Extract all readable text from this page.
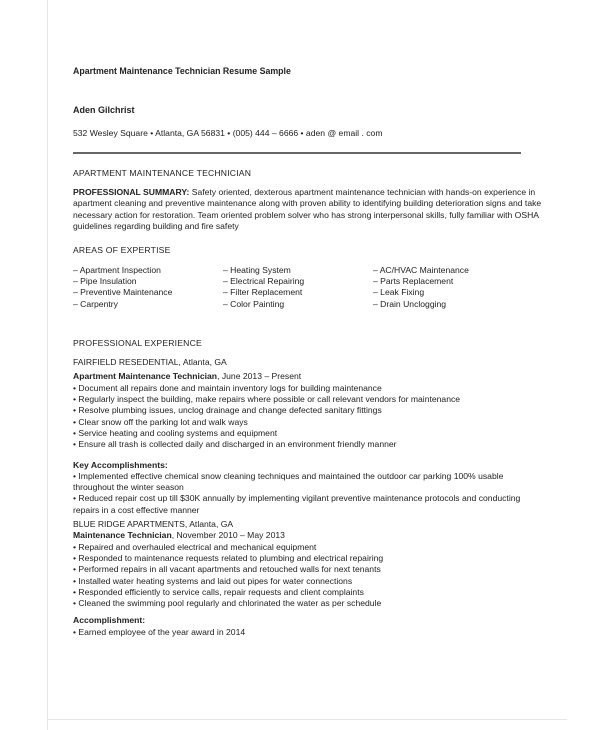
Apartment Maintenance Technician Resume Sample
Aden Gilchrist
532 Wesley Square • Atlanta, GA 56831 • (005) 444 – 6666 • aden @ email . com
APARTMENT MAINTENANCE TECHNICIAN
PROFESSIONAL SUMMARY: Safety oriented, dexterous apartment maintenance technician with hands-on experience in apartment cleaning and preventive maintenance along with proven ability to identifying building deterioration signs and take necessary action for restoration. Team oriented problem solver who has strong interpersonal skills, fully familiar with OSHA guidelines regarding building and fire safety
AREAS OF EXPERTISE
– Apartment Inspection	– Heating System	– AC/HVAC Maintenance
– Pipe Insulation	– Electrical Repairing	– Parts Replacement
– Preventive Maintenance	– Filter Replacement	– Leak Fixing
– Carpentry	– Color Painting	– Drain Unclogging
PROFESSIONAL EXPERIENCE
FAIRFIELD RESEDENTIAL, Atlanta, GA
Apartment Maintenance Technician, June 2013 – Present
• Document all repairs done and maintain inventory logs for building maintenance
• Regularly inspect the building, make repairs where possible or call relevant vendors for maintenance
• Resolve plumbing issues, unclog drainage and change defected sanitary fittings
• Clear snow off the parking lot and walk ways
• Service heating and cooling systems and equipment
• Ensure all trash is collected daily and discharged in an environment friendly manner
Key Accomplishments:
• Implemented effective chemical snow cleaning techniques and maintained the outdoor car parking 100% usable throughout the winter season
• Reduced repair cost up till $30K annually by implementing vigilant preventive maintenance protocols and conducting repairs in a cost effective manner
BLUE RIDGE APARTMENTS, Atlanta, GA
Maintenance Technician, November 2010 – May 2013
• Repaired and overhauled electrical and mechanical equipment
• Responded to maintenance requests related to plumbing and electrical repairing
• Performed repairs in all vacant apartments and retouched walls for next tenants
• Installed water heating systems and laid out pipes for water connections
• Responded efficiently to service calls, repair requests and client complaints
• Cleaned the swimming pool regularly and chlorinated the water as per schedule
Accomplishment:
• Earned employee of the year award in 2014
